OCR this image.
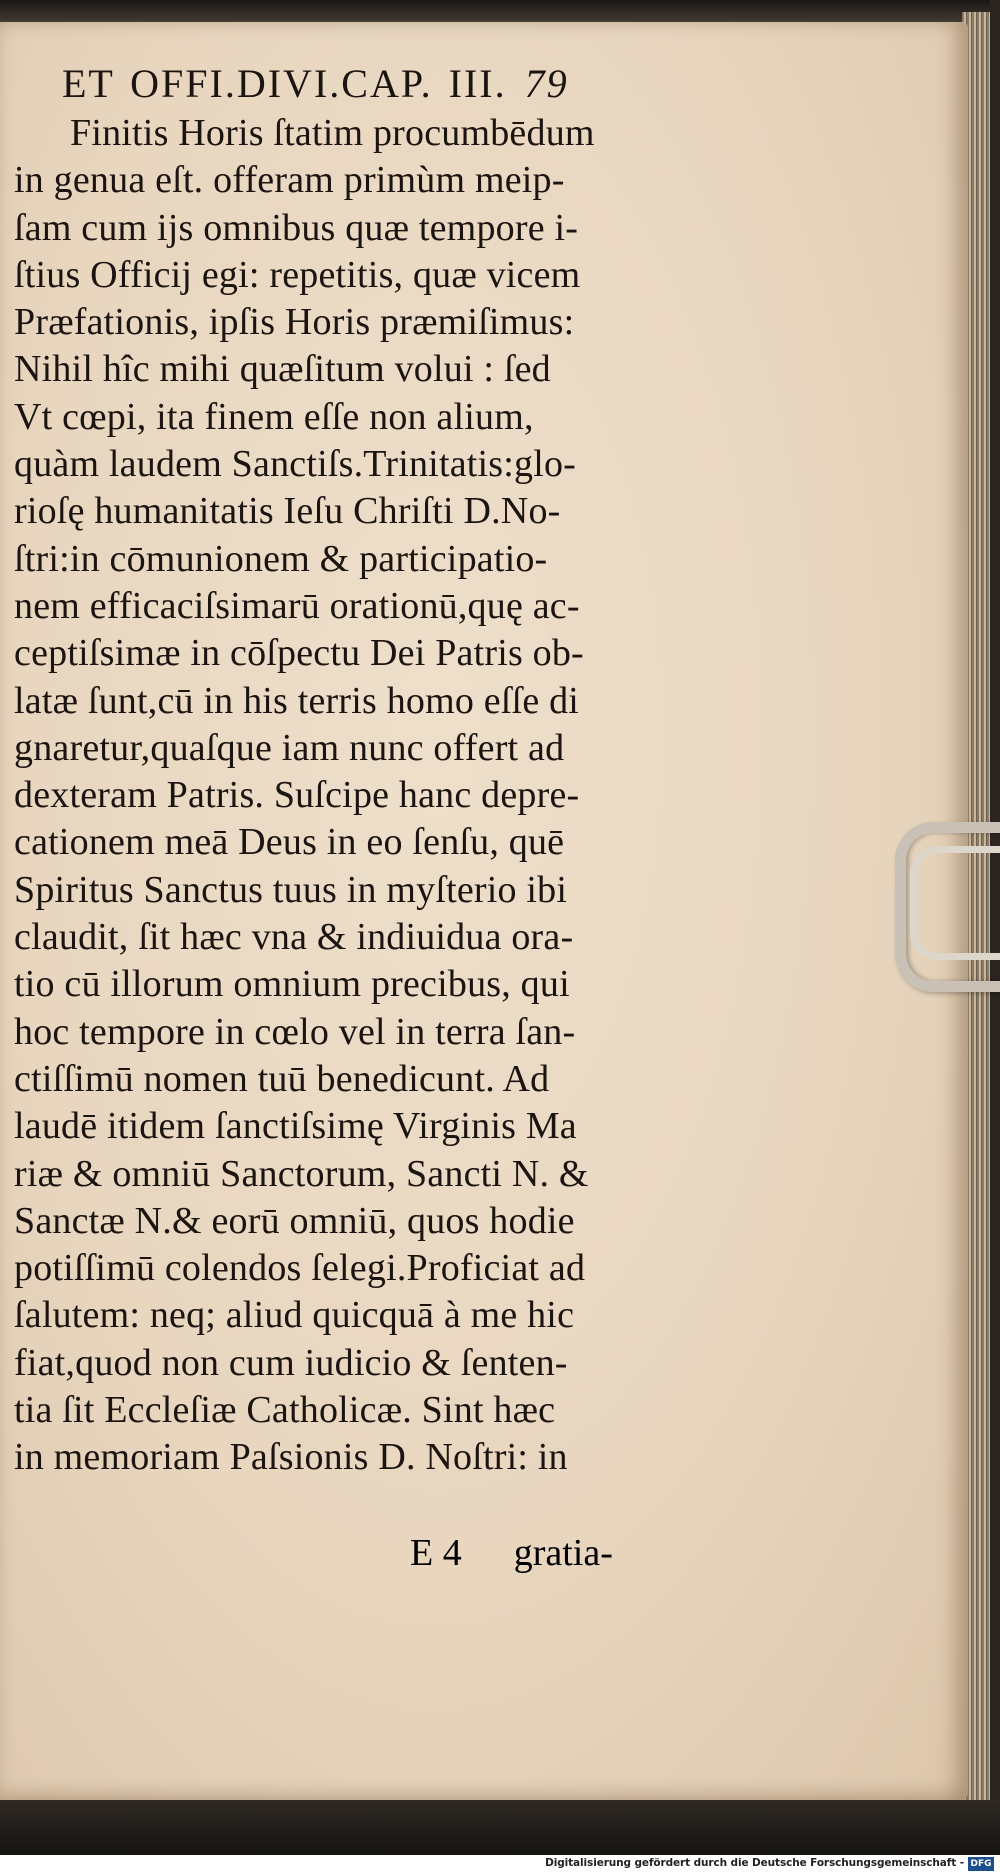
ET OFFI.DIVI.CAP. III. 79
Finitis Horis ſtatim procumbēdum
in genua eſt. offeram primùm meip-
ſam cum ijs omnibus quæ tempore i-
ſtius Officij egi: repetitis, quæ vicem
Præfationis, ipſis Horis præmiſimus:
Nihil hîc mihi quæſitum volui : ſed
Vt cœpi, ita finem eſſe non alium,
quàm laudem Sanctiſs.Trinitatis:glo-
rioſę humanitatis Ieſu Chriſti D.No-
ſtri:in cōmunionem & participatio-
nem efficaciſsimarū orationū,quę ac-
ceptiſsimæ in cōſpectu Dei Patris ob-
latæ ſunt,cū in his terris homo eſſe di
gnaretur,quaſque iam nunc offert ad
dexteram Patris. Suſcipe hanc depre-
cationem meā Deus in eo ſenſu, quē
Spiritus Sanctus tuus in myſterio ibi
claudit, ſit hæc vna & indiuidua ora-
tio cū illorum omnium precibus, qui
hoc tempore in cœlo vel in terra ſan-
ctiſſimū nomen tuū benedicunt. Ad
laudē itidem ſanctiſsimę Virginis Ma
riæ & omniū Sanctorum, Sancti N. &
Sanctæ N.& eorū omniū, quos hodie
potiſſimū colendos ſelegi.Proficiat ad
ſalutem: neq; aliud quicquā à me hic
fiat,quod non cum iudicio & ſenten-
tia ſit Eccleſiæ Catholicæ. Sint hæc
in memoriam Paſsionis D. Noſtri: in
E 4 gratia-
Digitalisierung gefördert durch die Deutsche Forschungsgemeinschaft - DFG
